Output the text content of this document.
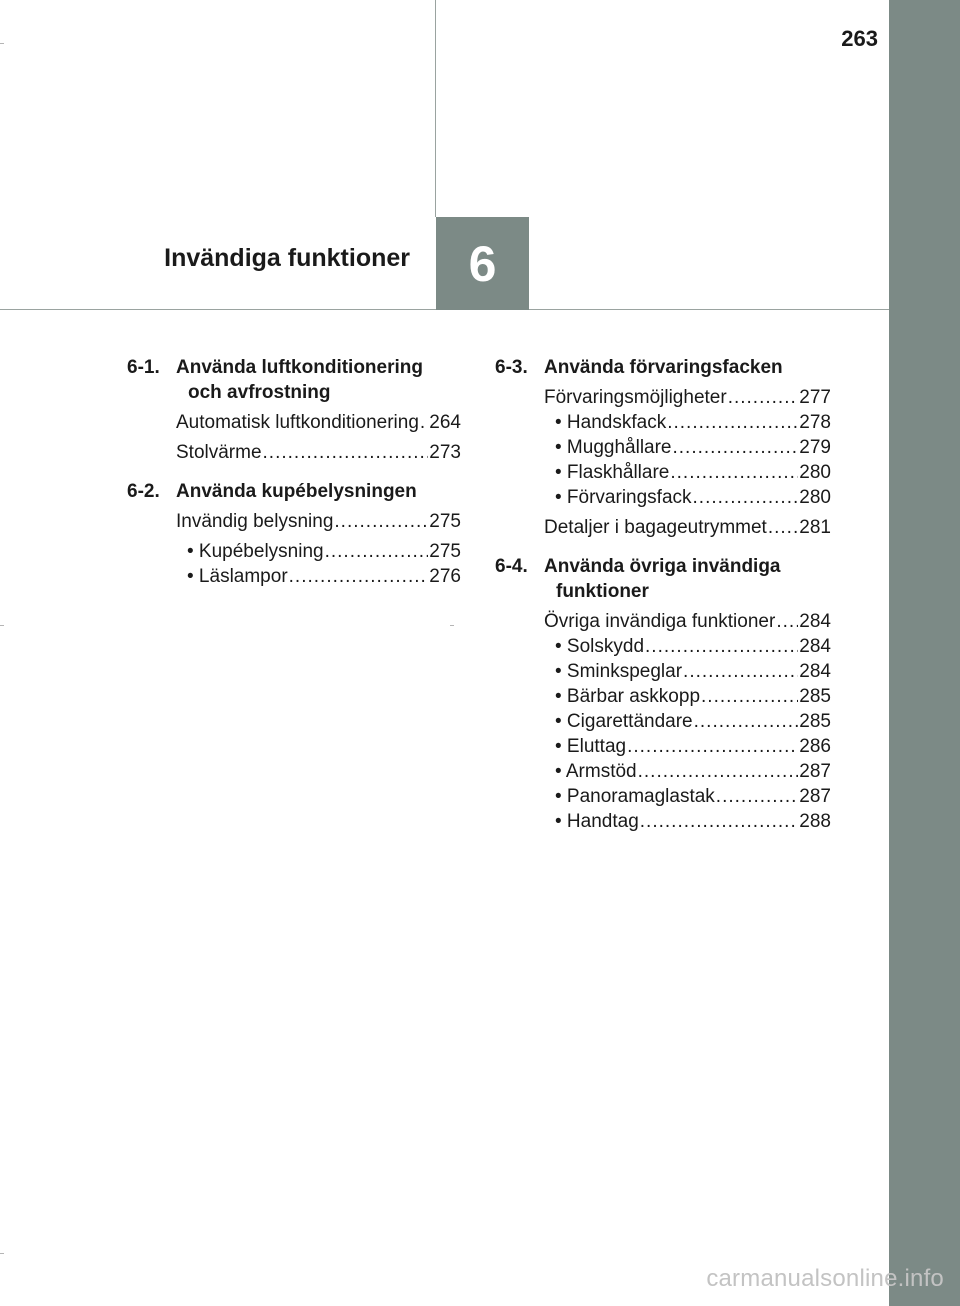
263
Invändiga funktioner 6
6-1. Använda luftkonditionering och avfrostning
Automatisk luftkonditionering ..... 264
Stolvärme .....	273
6-2. Använda kupébelysningen
Invändig belysning .....	275
• Kupébelysning .....	275
• Läslampor .....	276
6-3. Använda förvaringsfacken
Förvaringsmöjligheter .....	277
• Handskfack .....	278
• Mugghållare .....	279
• Flaskhållare .....	280
• Förvaringsfack .....	280
Detaljer i bagageutrymmet ..... 281
6-4. Använda övriga invändiga funktioner
Övriga invändiga funktioner ..... 284
• Solskydd .....	284
• Sminkspeglar .....	284
• Bärbar askkopp .....	285
• Cigarettändare .....	285
• Eluttag .....	286
• Armstöd .....	287
• Panoramaglastak .....	287
• Handtag .....	288
carmanualsonline.info
